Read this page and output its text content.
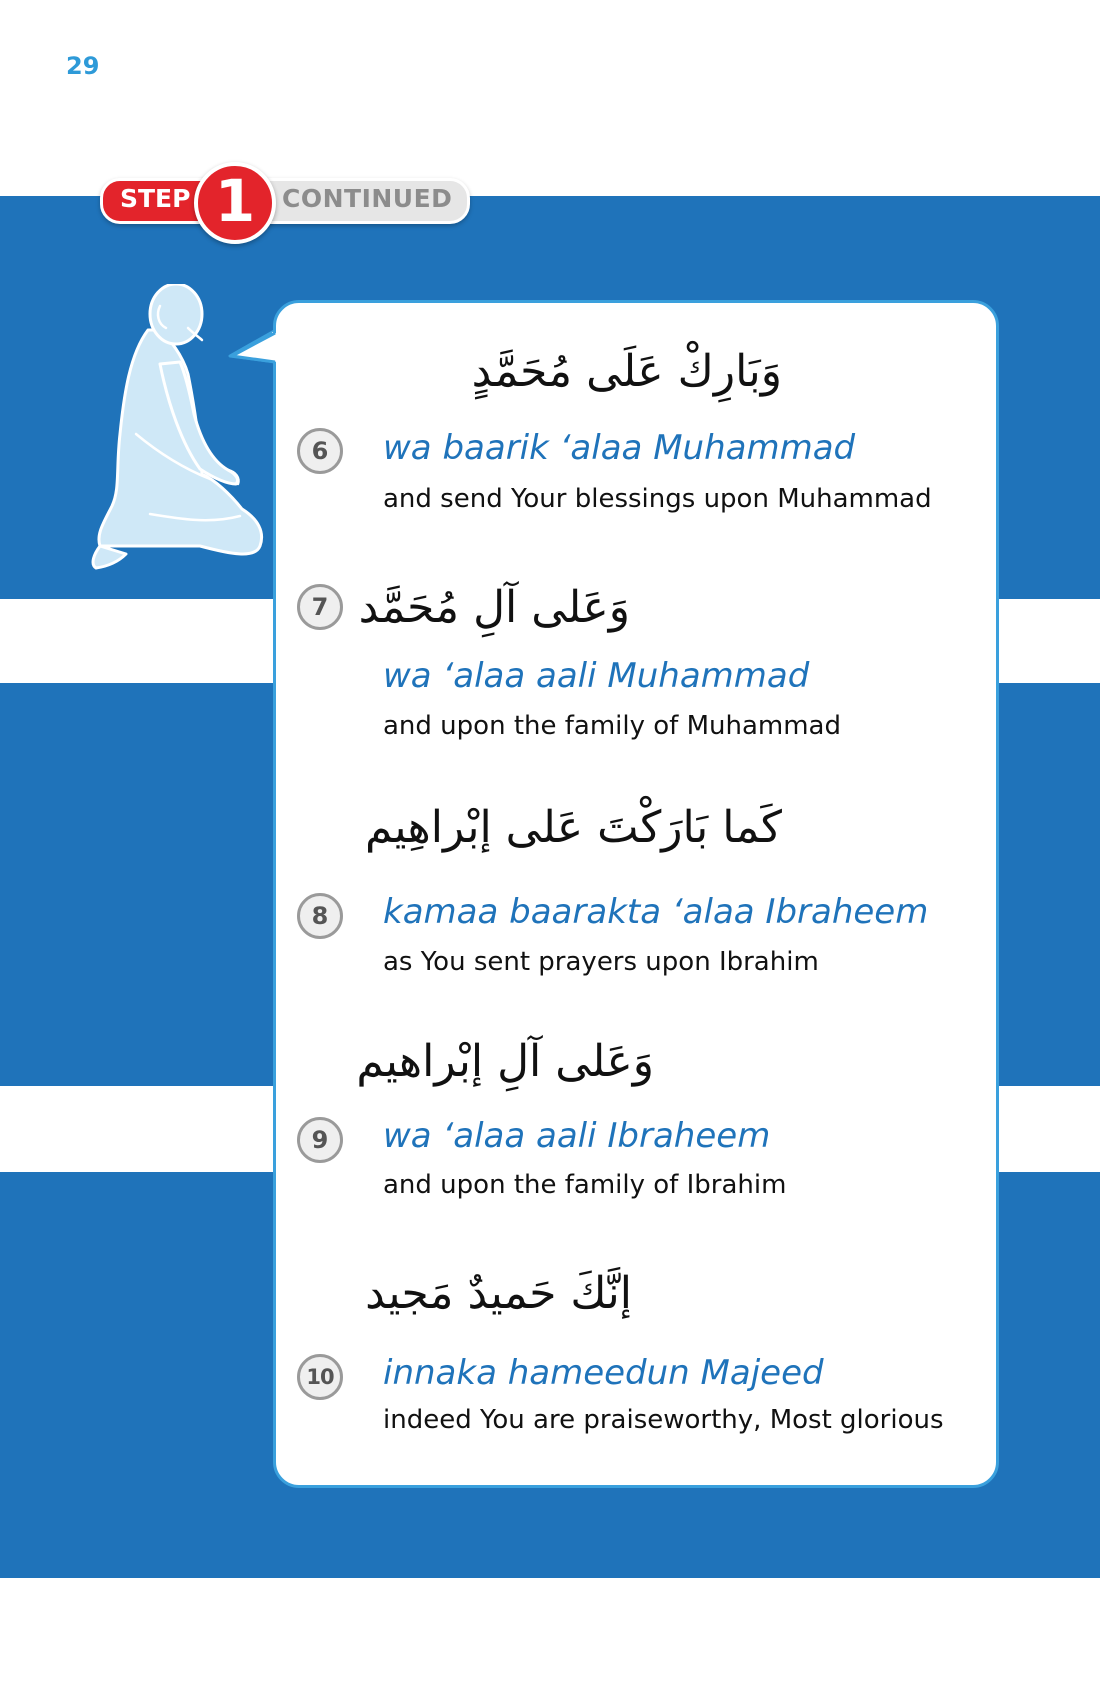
29
CONTINUED
STEP 1
وَبَارِكْ عَلَى مُحَمَّدٍ
6	wa baarik ‘alaa Muhammad
and send Your blessings upon Muhammad
7 وَعَلى آلِ مُحَمَّد
wa ‘alaa aali Muhammad
and upon the family of Muhammad
كَما بَارَكْتَ عَلى إبْراهِيم
8	kamaa baarakta ‘alaa Ibraheem
as You sent prayers upon Ibrahim
وَعَلى آلِ إبْراهيم
9	wa ‘alaa aali Ibraheem
and upon the family of Ibrahim
إنَّكَ حَميدٌ مَجيد
10 innaka hameedun Majeed
indeed You are praiseworthy, Most glorious
